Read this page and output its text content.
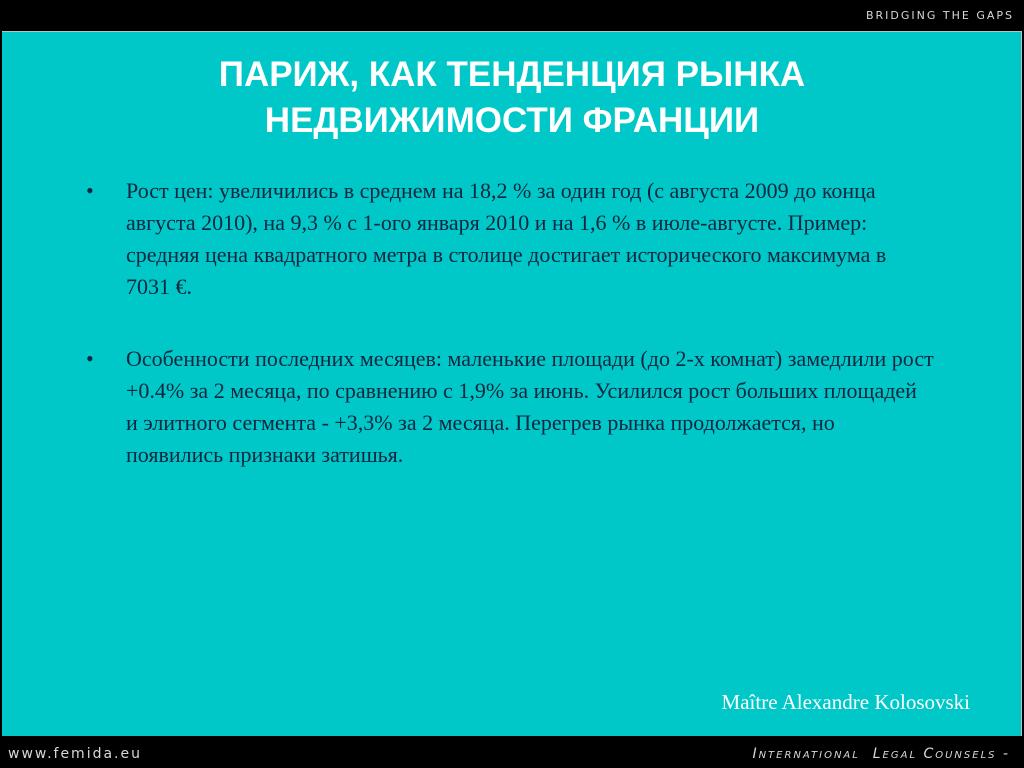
BRIDGING THE GAPS
ПАРИЖ, КАК ТЕНДЕНЦИЯ РЫНКА
НЕДВИЖИМОСТИ ФРАНЦИИ
• Рост цен: увеличились в среднем на 18,2 % за один год (с августа 2009 до конца августа 2010), на 9,3 % с 1-ого января 2010 и на 1,6 % в июле-августе. Пример: средняя цена квадратного метра в столице достигает исторического максимума в 7031 €.
• Особенности последних месяцев: маленькие площади (до 2-х комнат) замедлили рост +0.4% за 2 месяца, по сравнению с 1,9% за июнь. Усилился рост больших площадей и элитного сегмента - +3,3% за 2 месяца. Перегрев рынка продолжается, но появились признаки затишья.
Maître Alexandre Kolosovski
www.femida.eu	International  Legal Counsels -
